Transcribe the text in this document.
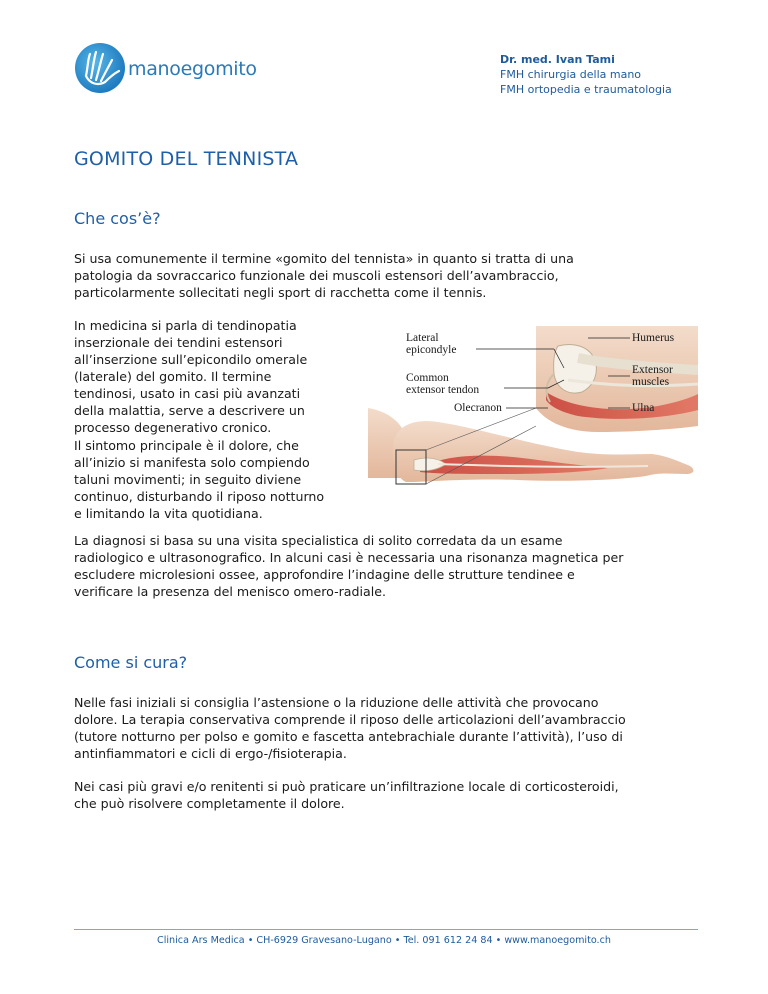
manoegomito	Dr. med. Ivan Tami
FMH chirurgia della mano
FMH ortopedia e traumatologia
GOMITO DEL TENNISTA
Che cos’è?
Si usa comunemente il termine «gomito del tennista» in quanto si tratta di una
patologia da sovraccarico funzionale dei muscoli estensori dell’avambraccio,
particolarmente sollecitati negli sport di racchetta come il tennis.
In medicina si parla di tendinopatia
inserzionale dei tendini estensori
all’inserzione sull’epicondilo omerale
(laterale) del gomito. Il termine
tendinosi, usato in casi più avanzati
della malattia, serve a descrivere un
processo degenerativo cronico.
Il sintomo principale è il dolore, che
all’inizio si manifesta solo compiendo
taluni movimenti; in seguito diviene
continuo, disturbando il riposo notturno
e limitando la vita quotidiana.
Lateral
epicondyle
Common
extensor tendon
Olecranon
Humerus
Extensor
muscles
Ulna
La diagnosi si basa su una visita specialistica di solito corredata da un esame
radiologico e ultrasonografico. In alcuni casi è necessaria una risonanza magnetica per
escludere microlesioni ossee, approfondire l’indagine delle strutture tendinee e
verificare la presenza del menisco omero-radiale.
Come si cura?
Nelle fasi iniziali si consiglia l’astensione o la riduzione delle attività che provocano
dolore. La terapia conservativa comprende il riposo delle articolazioni dell’avambraccio
(tutore notturno per polso e gomito e fascetta antebrachiale durante l’attività), l’uso di
antinfiammatori e cicli di ergo-/fisioterapia.
Nei casi più gravi e/o renitenti si può praticare un’infiltrazione locale di corticosteroidi,
che può risolvere completamente il dolore.
Clinica Ars Medica • CH-6929 Gravesano-Lugano • Tel. 091 612 24 84 • www.manoegomito.ch
